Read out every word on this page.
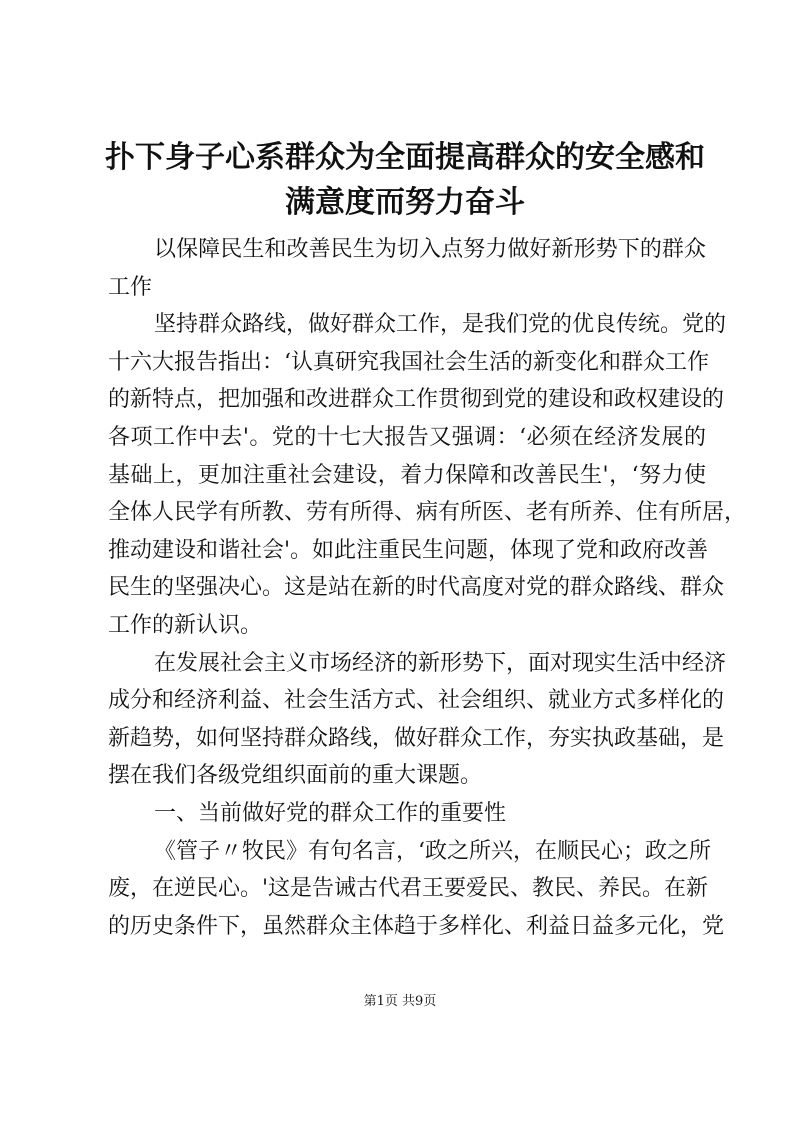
扑下身子心系群众为全面提高群众的安全感和
满意度而努力奋斗
以保障民生和改善民生为切入点努力做好新形势下的群众
工作
坚持群众路线，做好群众工作，是我们党的优良传统。党的
十六大报告指出：‘认真研究我国社会生活的新变化和群众工作
的新特点，把加强和改进群众工作贯彻到党的建设和政权建设的
各项工作中去'。党的十七大报告又强调：‘必须在经济发展的
基础上，更加注重社会建设，着力保障和改善民生'，‘努力使
全体人民学有所教、劳有所得、病有所医、老有所养、住有所居，
推动建设和谐社会'。如此注重民生问题，体现了党和政府改善
民生的坚强决心。这是站在新的时代高度对党的群众路线、群众
工作的新认识。
在发展社会主义市场经济的新形势下，面对现实生活中经济
成分和经济利益、社会生活方式、社会组织、就业方式多样化的
新趋势，如何坚持群众路线，做好群众工作，夯实执政基础，是
摆在我们各级党组织面前的重大课题。
一、当前做好党的群众工作的重要性
《管子〃牧民》有句名言，‘政之所兴，在顺民心；政之所
废，在逆民心。'这是告诫古代君王要爱民、教民、养民。在新
的历史条件下，虽然群众主体趋于多样化、利益日益多元化，党
第1页 共9页
